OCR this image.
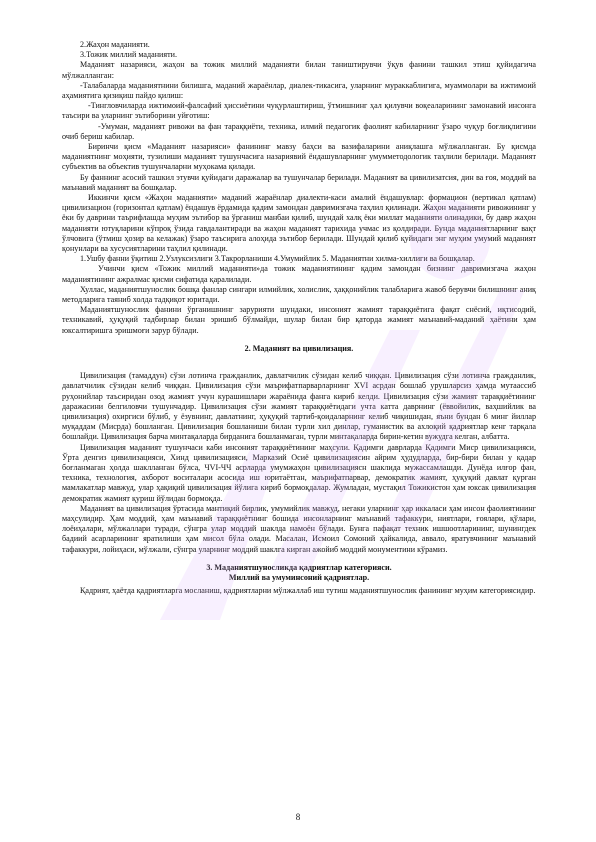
2.Жаҳон маданияти.

3.Тожик миллий маданияти.

Маданият назарияси, жаҳон ва тожик миллий маданияти билан таништирувчи ўқув фанини ташкил этиш қуйидагича мўлжалланган:

-Талабаларда маданиятнини билишга, маданий жараёнлар, диалек-тикасига, уларнинг мураккаблигига, муаммолари ва ижтимоий аҳамиятига қизиқиш пайдо қилиш:

-Тингловчиларда ижтимоий-фалсафий ҳиссиётини чуқурлаштириш, ўтмишнинг ҳал қилувчи воқеаларининг замонавий инсонга таъсири ва уларнинг эътиборини уйғотиш:

-Умуман, маданият ривожи ва фан тараққиёти, техника, илмий педагогик фаолият кабиларнинг ўзаро чуқур боғлиқлигини очиб бериш кабилар.

Биринчи қисм «Маданият назарияси» фанининг мавзу баҳси ва вазифаларини аниқлашга мўлжалланган. Бу қисмда маданиятнинг моҳияти, тузилиши маданият тушунчасига назариявий ёндашувларнинг умумметодологик таҳлили берилади. Маданият субъектив ва объектив тушунчаларни муҳокама қилади.

Бу фаннинг асосий ташкил этувчи қуйидаги даражалар ва тушунчалар берилади. Маданият ва цивилизатсия, дин ва ғоя, моддий ва маънавий маданият ва бошқалар.

Иккинчи қисм «Жаҳон маданияти» маданий жараёнлар диалекти-каси амалий ёндашувлар: формацион (вертикал қатлам) цивилизацион (горизонтал қатлам) ёндашув ёрдамида қадим замондан давримизгача таҳлил қилинади. Жаҳон маданияти ривожининг у ёки бу даврини таърифлашда муҳим эътибор ва ўрганиш манбаи қилиб, шундай халқ ёки миллат маданияти олинадики, бу давр жаҳон маданияти ютуқларини кўпроқ ўзида гавдалантиради ва жаҳон маданият тарихида учмас из қолдиради. Бунда маданиятларнинг вақт ўлчовига (ўтмиш ҳозир ва келажак) ўзаро таъсирига алоҳида эътибор берилади. Шундай қилиб қуйидаги энг муҳим умумий маданият қонунлари ва хусусиятларини таҳлил қилинади.

1.Ушбу фанни ўқитиш 2.Узлуксизлиги 3.Такрорланиши 4.Умумийлик 5. Маданиятни хилма-хиллиги ва бошқалар.

Учинчи қисм «Тожик миллий маданияти»да тожик маданиятининг қадим замондан бизнинг давримизгача жаҳон маданиятининг ажралмас қисми сифатида қаралилади.

Хуллас, маданиятшунослик бошқа фанлар сингари илмийлик, холислик, ҳаққонийлик талабларига жавоб берувчи билишнинг аниқ методларига таяниб холда тадқиқот юритади.

Маданиятшунослик фанини ўрганишнинг зарурияти шундаки, инсоният жамият тараққиётига фақат снёсий, иқтисодий, техникавий, ҳуқуқий тадбирлар билан эришиб бўлмайди, шулар билан бир қаторда жамият маънавий-маданий ҳаётини ҳам юксалтиришга эришмоғи зарур бўлади.

2. Маданият ва цивилизация.

Цивилизация (тамаддун) сўзи лотинча гражданлик, давлатчилик сўзидан келиб чиққан. Цивилизация сўзи лотинча гражданлик, давлатчилик сўзидан келиб чиққан. Цивилизация сўзи маърифатпарварларнинг XVI асрдан бошлаб урушларсиз ҳамда мутаассиб руҳонийлар таъсиридан озод жамият учун курашишлари жараёнида фанга кириб келди. Цивилизация сўзи жамият тараққиётининг даражасини белгиловчи тушунчадир. Цивилизация сўзи жамият тараққиётидаги учта катта даврнинг (ёввойилик, ваҳшийлик ва цивилизация) охиргиси бўлиб, у ёзувнинг, давлатнинг, ҳуқуқий тартиб-қоидаларнинг келиб чиқишидан, яъни бундан 6 минг йиллар муқаддам (Мисрда) бошланган. Цивилизация бошланиши билан турли хил динлар, гуманистик ва ахлоқий қадриятлар кенг тарқала бошлайди. Цивилизация барча минтақаларда бирданига бошланмаган, турли минтақаларда бирин-кетин вужудга келган, албатта.

Цивилизация маданият тушунчаси каби инсоният тараққиётининг маҳсули. Қадимги даврларда Қадимги Миср цивилизацияси, Ўрта денгиз цивилизацияси, Хинд цивилизацияси, Марказий Осиё цивилизациясин айрим ҳудудларда, бир-бири билан у қадар боғланмаган ҳолда шаклланган бўлса, ЧVI-ЧЧ асрларда умумжаҳон цивилизациясн шаклида мужассамлашди. Дунёда илғор фан, техника, технология, ахборот воситалари асосида иш юритаётган, маърифатпарвар, демократик жамият, ҳуқуқий давлат қурган мамлакатлар мавжуд, улар ҳақиқий цивилизация йўлига кириб бормоқдалар. Жумладан, мустақил Тожикистон ҳам юксак цивилизация демократик жамият қуриш йўлидан бормоқда.

Маданият ва цивилизация ўртасида мантиқий бирлик, умумийлик мавжуд, негаки уларнинг ҳар иккаласи ҳам инсон фаолиятининг маҳсулидир. Ҳам моддий, ҳам маънавий тараққиётнинг бошида инсонларнинг маънавий тафаккури, ниятлари, ғоялари, қўлари, лоёиҳалари, мўлжаллари туради, сўнгра улар моддий шаклда намоён бўлади. Бунга пафақат техник ишшоотларининг, шунингдек бадиий асарларининг яратилиши ҳам мисол бўла олади. Масалан, Исмоил Сомоний ҳайкалида, аввало, яратувчининг маънавий тафаккури, лойиҳаси, мўлжали, сўнгра уларнинг моддий шаклга кирган ажойиб моддий монументини кўрамиз.

3. Маданиятшуносликда қадриятлар категорияси.

Миллий ва умуминсоний қадриятлар.

Қадрият, ҳаётда қадриятларга мосланиш, қадриятларни мўлжаллаб иш тутиш маданиятшунослик фанининг муҳим категорияcидир.

8
